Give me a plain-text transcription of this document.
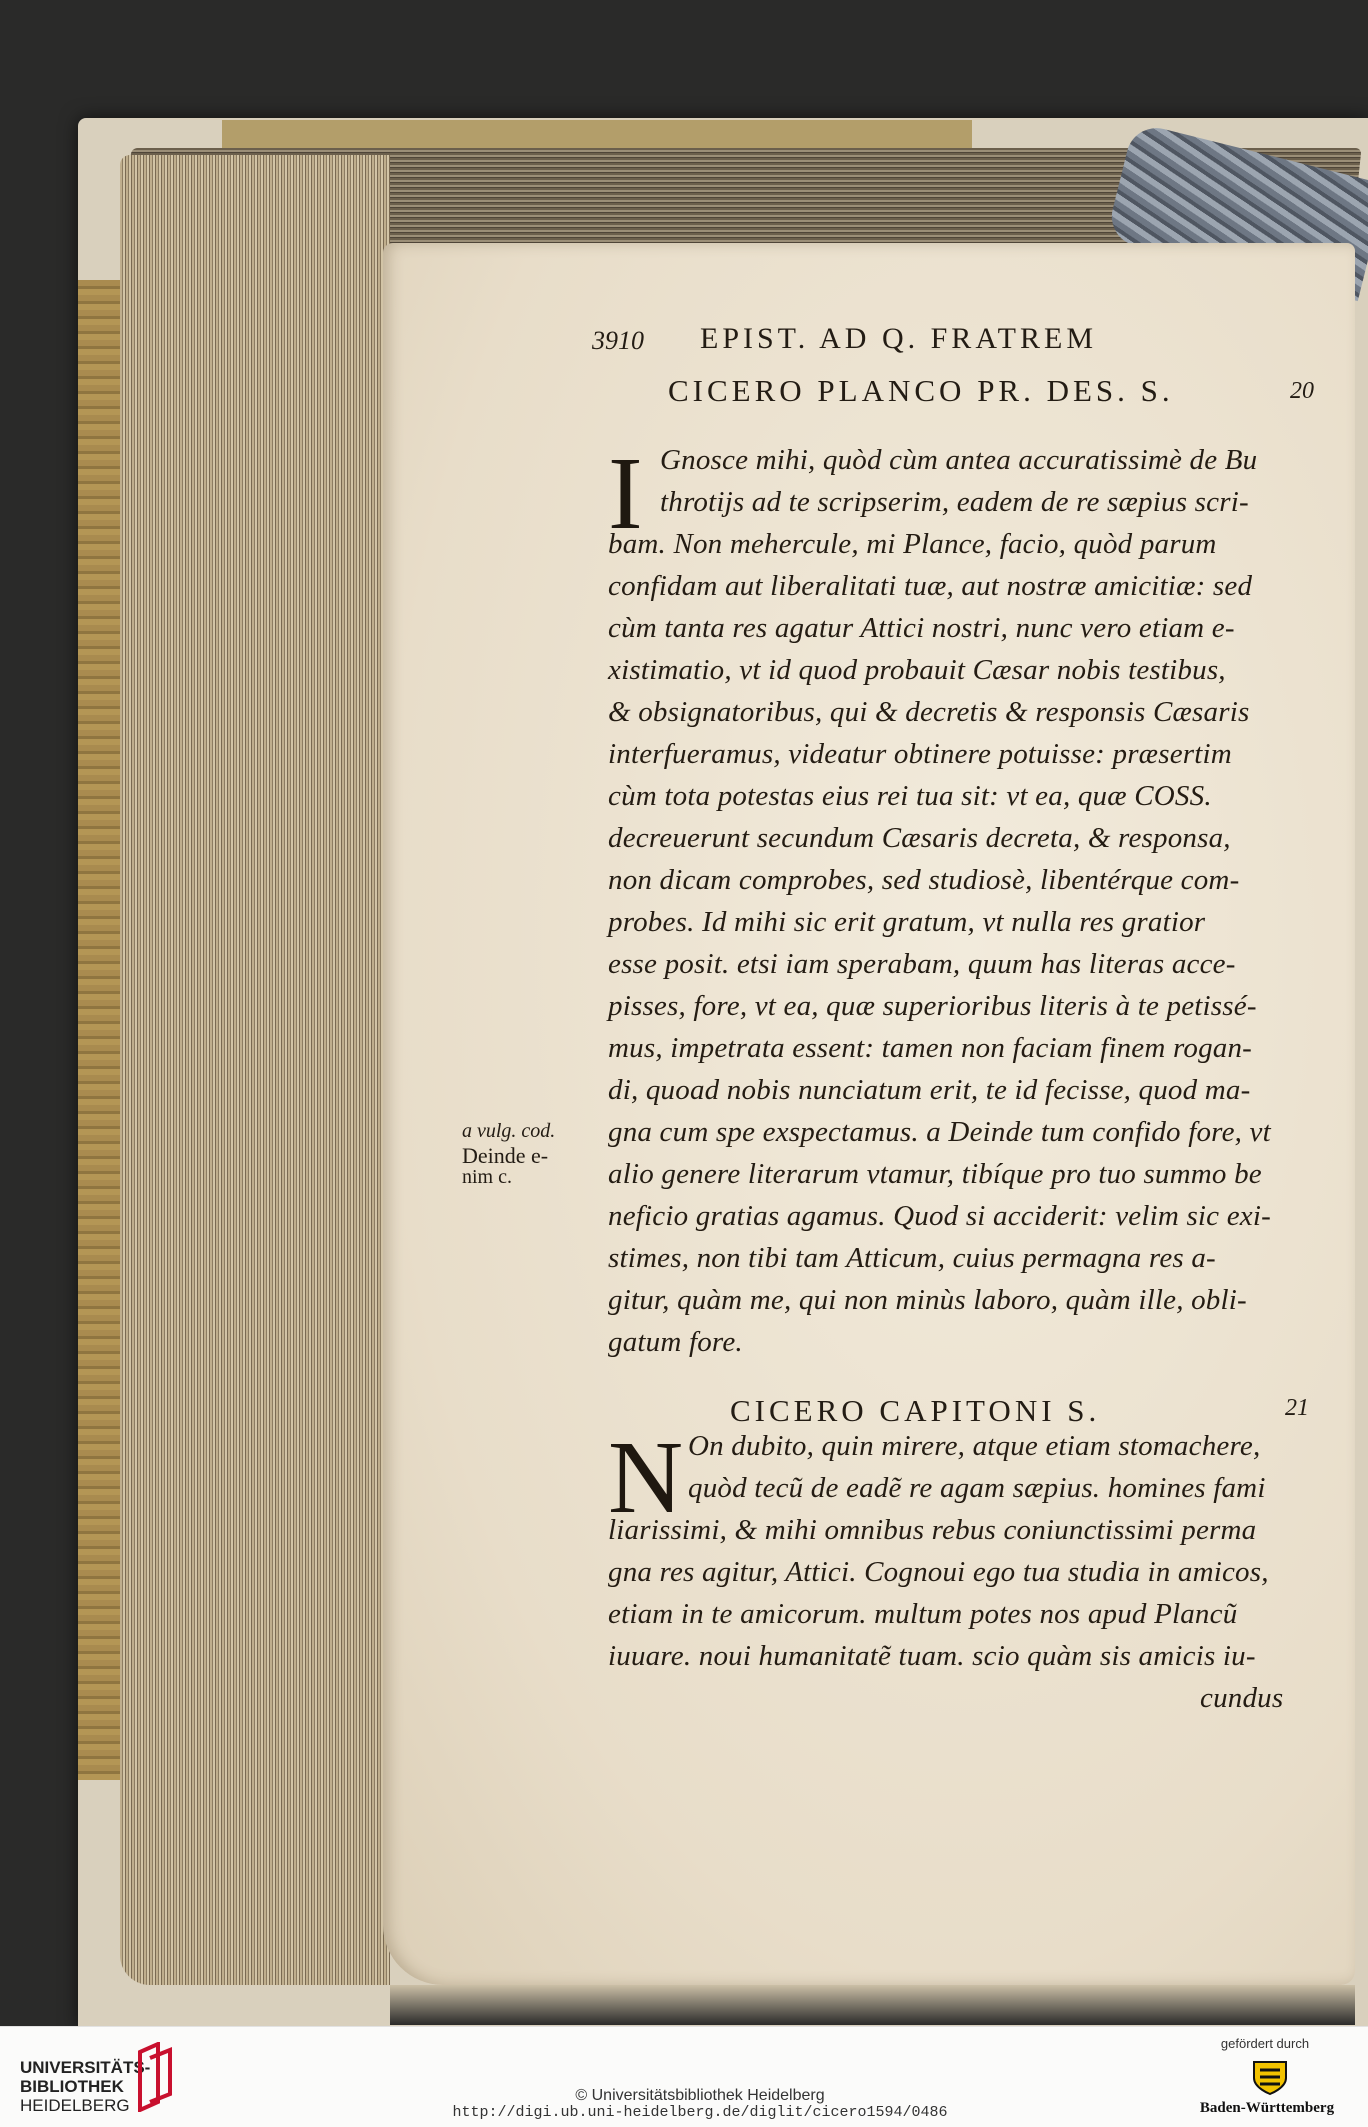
3910 EPIST. AD Q. FRATREM
CICERO PLANCO PR. DES. S.	20
I Gnosce mihi, quòd cùm antea accuratissimè de Bu
throtijs ad te scripserim, eadem de re sæpius scri-
bam. Non mehercule, mi Plance, facio, quòd parum
confidam aut liberalitati tuæ, aut nostræ amicitiæ: sed
cùm tanta res agatur Attici nostri, nunc vero etiam e-
xistimatio, vt id quod probauit Cæsar nobis testibus,
& obsignatoribus, qui & decretis & responsis Cæsaris
interfueramus, videatur obtinere potuisse: præsertim
cùm tota potestas eius rei tua sit: vt ea, quæ COSS.
decreuerunt secundum Cæsaris decreta, & responsa,
non dicam comprobes, sed studiosè, libentérque com-
probes. Id mihi sic erit gratum, vt nulla res gratior
esse posit. etsi iam sperabam, quum has literas acce-
pisses, fore, vt ea, quæ superioribus literis à te petissé-
mus, impetrata essent: tamen non faciam finem rogan-
di, quoad nobis nunciatum erit, te id fecisse, quod ma-
gna cum spe exspectamus. a Deinde tum confido fore, vt
alio genere literarum vtamur, tibíque pro tuo summo be
neficio gratias agamus. Quod si acciderit: velim sic exi-
stimes, non tibi tam Atticum, cuius permagna res a-
gitur, quàm me, qui non minùs laboro, quàm ille, obli-
gatum fore.
a vulg. cod.
Deinde e-
nim c.
CICERO CAPITONI S.	21
N On dubito, quin mirere, atque etiam stomachere,
quòd tecũ de eadẽ re agam sæpius. homines fami
liarissimi, & mihi omnibus rebus coniunctissimi perma
gna res agitur, Attici. Cognoui ego tua studia in amicos,
etiam in te amicorum. multum potes nos apud Plancũ
iuuare. noui humanitatẽ tuam. scio quàm sis amicis iu-
cundus
UNIVERSITÄTS-
BIBLIOTHEK
HEIDELBERG
© Universitätsbibliothek Heidelberg
http://digi.ub.uni-heidelberg.de/diglit/cicero1594/0486
gefördert durch
Baden-Württemberg
